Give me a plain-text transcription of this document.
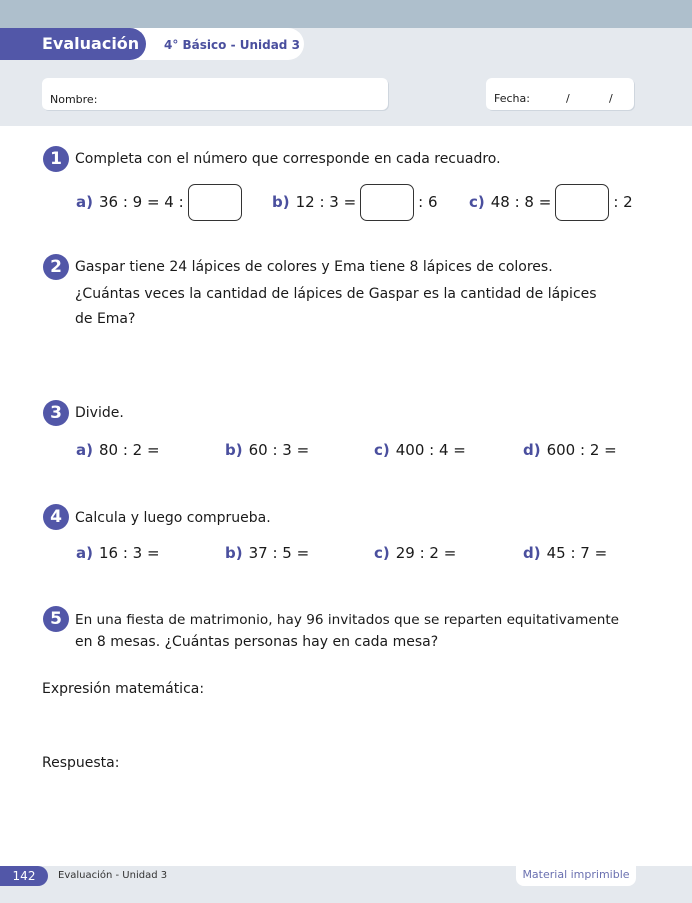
4° Básico - Unidad 3
Evaluación
Nombre:	Fecha:	/	/
1 Completa con el número que corresponde en cada recuadro.
a) 36 : 9 = 4 :	b) 12 : 3 =	: 6 c) 48 : 8 =	: 2
2 Gaspar tiene 24 lápices de colores y Ema tiene 8 lápices de colores.
¿Cuántas veces la cantidad de lápices de Gaspar es la cantidad de lápices
de Ema?
3 Divide.
a) 80 : 2 =	b) 60 : 3 =	c) 400 : 4 =	d) 600 : 2 =
4 Calcula y luego comprueba.
a) 16 : 3 =	b) 37 : 5 =	c) 29 : 2 =	d) 45 : 7 =
5 En una fiesta de matrimonio, hay 96 invitados que se reparten equitativamente
en 8 mesas. ¿Cuántas personas hay en cada mesa?
Expresión matemática:
Respuesta:
142	Evaluación - Unidad 3	Material imprimible
